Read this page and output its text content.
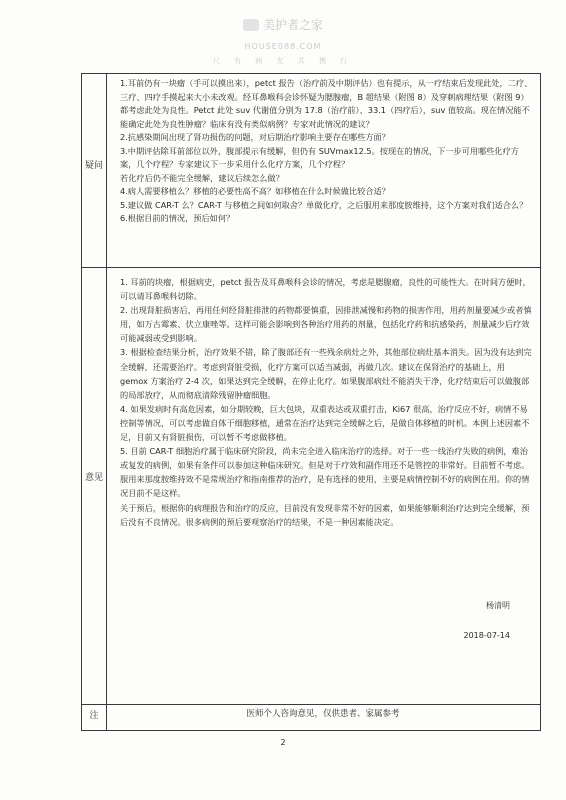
美护者之家
HOUSE088.COM
尺 有 病 友 共 携 行
疑问
意见
注

1.耳前仍有一块瘤（手可以摸出来），petct 报告（治疗前及中期评估）也有提示，从一疗结束后发现此处，二疗、三疗、四疗手摸起来大小未改观。经耳鼻喉科会诊怀疑为腮腺瘤，B 超结果（附图 8）及穿刺病理结果（附图 9）都考虑此处为良性。Petct 此处 suv 代谢值分别为 17.8（治疗前）、33.1（四疗后），suv 值较高。现在情况能不能确定此处为良性肿瘤？临床有没有类似病例？专家对此情况的建议？

2.抗感染期间出现了肾功损伤的问题，对后期治疗影响主要存在哪些方面？

3.中期评估除耳前部位以外，腹部提示有缓解，但仍有 SUVmax12.5。按现在的情况，下一步可用哪些化疗方案，几个疗程？专家建议下一步采用什么化疗方案，几个疗程？

若化疗后仍不能完全缓解，建议后续怎么做？

4.病人需要移植么？移植的必要性高不高？如移植在什么时候做比较合适？

5.建议做 CAR-T 么？CAR-T 与移植之间如何取舍？单做化疗，之后服用来那度胺维持，这个方案对我们适合么？

6.根据目前的情况，预后如何？

1. 耳前的块瘤，根据病史，petct 报告及耳鼻喉科会诊的情况，考虑是腮腺瘤，良性的可能性大。在时间方便时，可以请耳鼻喉科切除。

2. 出现肾脏损害后，再用任何经肾脏排泄的药物都要慎重，因排泄减慢和药物的损害作用，用药剂量要减少或者慎用，如万古霉素、伏立康唑等。这样可能会影响到各种治疗用药的剂量，包括化疗药和抗感染药，剂量减少后疗效可能减弱或受到影响。

3. 根据检查结果分析，治疗效果不错，除了腹部还有一些残余病灶之外，其他部位病灶基本消失。因为没有达到完全缓解，还需要治疗。考虑到肾脏受损，化疗方案可以适当减弱，再做几次。建议在保肾治疗的基础上，用 gemox 方案治疗 2-4 次，如果达到完全缓解，在停止化疗。如果腹部病灶不能消失干净，化疗结束后可以做腹部的局部放疗，从而彻底清除残留肿瘤细胞。

4. 如果发病时有高危因素，如分期较晚，巨大包块，双重表达或双重打击，Ki67 很高，治疗反应不好，病情不易控制等情况，可以考虑做自体干细胞移植，通常在治疗达到完全缓解之后，是做自体移植的时机。本例上述因素不足，目前又有肾脏损伤，可以暂不考虑做移植。

5. 目前 CAR-T 细胞治疗属于临床研究阶段，尚未完全进入临床治疗的选择。对于一些一线治疗失败的病例，难治或复发的病例，如果有条件可以参加这种临床研究。但是对于疗效和副作用还不是管控的非常好。目前暂不考虑。服用来那度胺维持效不是常规治疗和指南推荐的治疗，是有选择的使用，主要是病情控制不好的病例在用。你的情况目前不是这样。

关于预后，根据你的病理报告和治疗的反应，目前没有发现非常不好的因素，如果能够顺利治疗达到完全缓解，预后没有不良情况。很多病例的预后要观察治疗的结果，不是一种因素能决定。

杨清明
2018-07-14
医师个人咨询意见，仅供患者、家属参考
2
